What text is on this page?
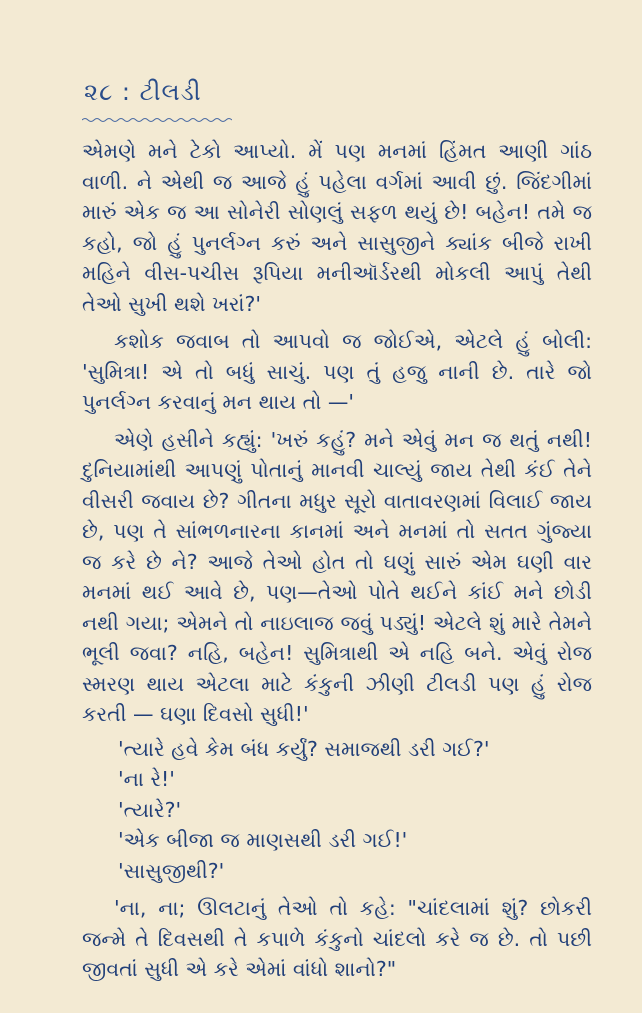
૨૮ : ટીલડી

એમણે મને ટેકો આપ્યો. મેં પણ મનમાં હિંમત આણી ગાંઠ વાળી. ને એથી જ આજે હું પહેલા વર્ગમાં આવી છું. જિંદગીમાં મારું એક જ આ સોનેરી સોણલું સફળ થયું છે! બહેન! તમે જ કહો, જો હું પુનર્લગ્ન કરું અને સાસુજીને ક્યાંક બીજે રાખી મહિને વીસ-પચીસ રૂપિયા મનીઑર્ડરથી મોકલી આપું તેથી તેઓ સુખી થશે ખરાં?'

કશોક જવાબ તો આપવો જ જોઈએ, એટલે હું બોલી: 'સુમિત્રા! એ તો બધું સાચું. પણ તું હજુ નાની છે. તારે જો પુનર્લગ્ન કરવાનું મન થાય તો —'

એણે હસીને કહ્યું: 'ખરું કહું? મને એવું મન જ થતું નથી! દુનિયામાંથી આપણું પોતાનું માનવી ચાલ્યું જાય તેથી કંઈ તેને વીસરી જવાય છે? ગીતના મધુર સૂરો વાતાવરણમાં વિલાઈ જાય છે, પણ તે સાંભળનારના કાનમાં અને મનમાં તો સતત ગુંજ્યા જ કરે છે ને? આજે તેઓ હોત તો ઘણું સારું એમ ઘણી વાર મનમાં થઈ આવે છે, પણ—તેઓ પોતે થઈને કાંઈ મને છોડી નથી ગયા; એમને તો નાઇલાજ જવું પડ્યું! એટલે શું મારે તેમને ભૂલી જવા? નહિ, બહેન! સુમિત્રાથી એ નહિ બને. એવું રોજ સ્મરણ થાય એટલા માટે કંકુની ઝીણી ટીલડી પણ હું રોજ કરતી — ઘણા દિવસો સુધી!'

'ત્યારે હવે કેમ બંધ કર્યું? સમાજથી ડરી ગઈ?'

'ના રે!'

'ત્યારે?'

'એક બીજા જ માણસથી ડરી ગઈ!'

'સાસુજીથી?'

'ના, ના; ઊલટાનું તેઓ તો કહે: "ચાંદલામાં શું? છોકરી જન્મે તે દિવસથી તે કપાળે કંકુનો ચાંદલો કરે જ છે. તો પછી જીવતાં સુધી એ કરે એમાં વાંધો શાનો?"
